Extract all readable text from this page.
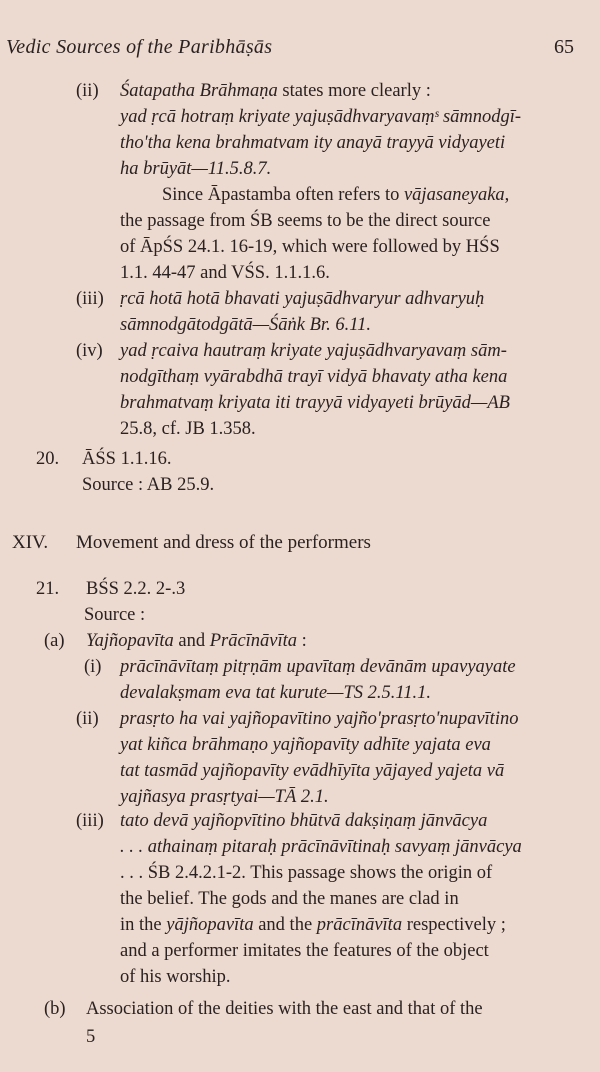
Vedic Sources of the Paribhāṣās	65
(ii) Śatapatha Brāhmaṇa states more clearly :
yad ṛcā hotraṃ kriyate yajuṣādhvaryavaṃˢ sāmnodgī-
tho'tha kena brahmatvam ity anayā trayyā vidyayeti
ha brūyāt—11.5.8.7.
Since Āpastamba often refers to vājasaneyaka,
the passage from ŚB seems to be the direct source
of ĀpŚS 24.1. 16-19, which were followed by HŚS
1.1. 44-47 and VŚS. 1.1.1.6.
(iii) ṛcā hotā hotā bhavati yajuṣādhvaryur adhvaryuḥ
sāmnodgātodgātā—Śāṅk Br. 6.11.
(iv) yad ṛcaiva hautraṃ kriyate yajuṣādhvaryavaṃ sām-
nodgīthaṃ vyārabdhā trayī vidyā bhavaty atha kena
brahmatvaṃ kriyata iti trayyā vidyayeti brūyād—AB
25.8, cf. JB 1.358.
20. ĀŚS 1.1.16.
Source : AB 25.9.
XIV. Movement and dress of the performers
21. BŚS 2.2. 2-.3
Source :
(a) Yajñopavīta and Prācīnāvīta :
(i) prācīnāvītaṃ pitṛṇām upavītaṃ devānām upavyayate
devalakṣmam eva tat kurute—TS 2.5.11.1.
(ii) prasṛto ha vai yajñopavītino yajño'prasṛto'nupavītino
yat kiñca brāhmaṇo yajñopavīty adhīte yajata eva
tat tasmād yajñopavīty evādhīyīta yājayed yajeta vā
yajñasya prasṛtyai—TĀ 2.1.
(iii) tato devā yajñopvītino bhūtvā dakṣiṇaṃ jānvācya
. . . athainaṃ pitaraḥ prācīnāvītinaḥ savyaṃ jānvācya
. . . ŚB 2.4.2.1-2. This passage shows the origin of
the belief. The gods and the manes are clad in
in the yājñopavīta and the prācīnāvīta respectively ;
and a performer imitates the features of the object
of his worship.
(b) Association of the deities with the east and that of the
5
